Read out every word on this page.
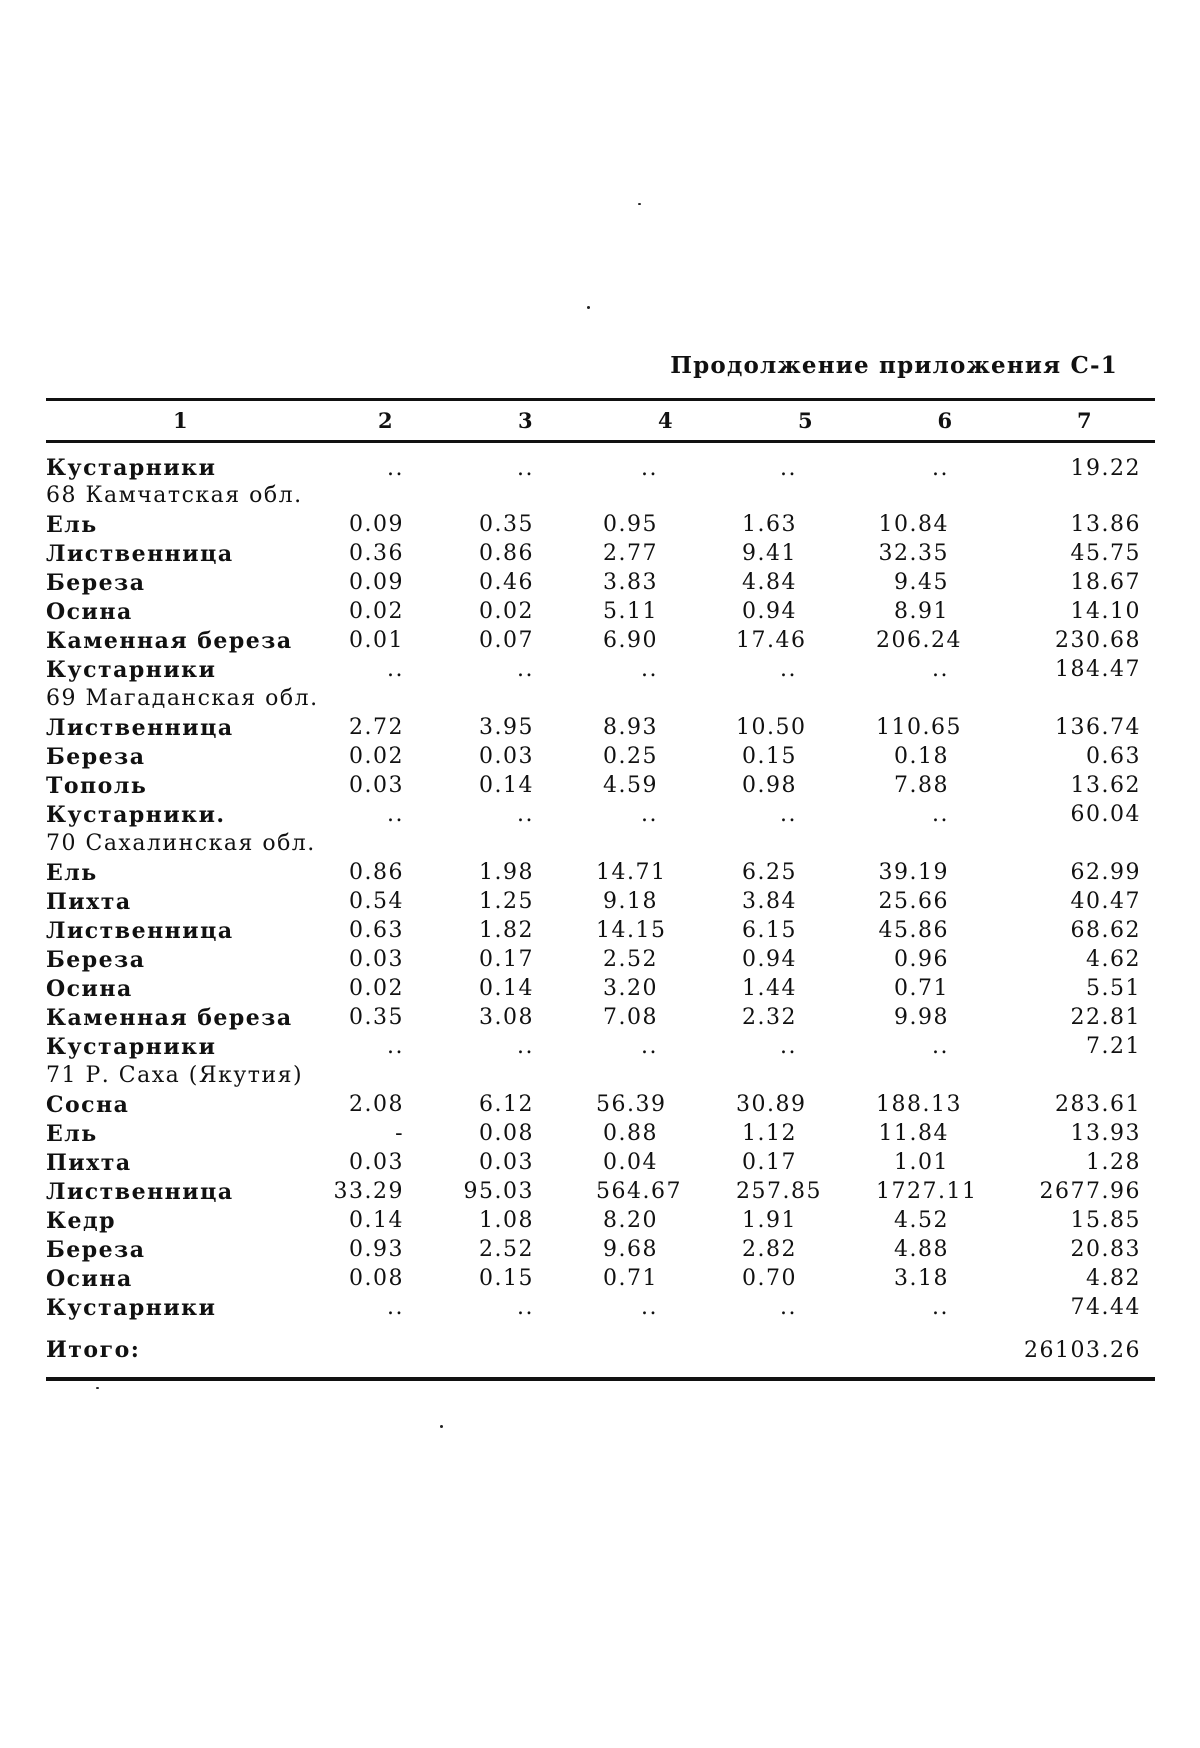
Продолжение приложения С-1
1	2	3	4	5	6	7
Кустарники	..	..	..	..	..	19.22
68 Камчатская обл.						
Ель	0.09	0.35	0.95	1.63	10.84	13.86
Лиственница	0.36	0.86	2.77	9.41	32.35	45.75
Береза	0.09	0.46	3.83	4.84	9.45	18.67
Осина	0.02	0.02	5.11	0.94	8.91	14.10
Каменная береза	0.01	0.07	6.90	17.46	206.24	230.68
Кустарники	..	..	..	..	..	184.47
69 Магаданская обл.						
Лиственница	2.72	3.95	8.93	10.50	110.65	136.74
Береза	0.02	0.03	0.25	0.15	0.18	0.63
Тополь	0.03	0.14	4.59	0.98	7.88	13.62
Кустарники.	..	..	..	..	..	60.04
70 Сахалинская обл.						
Ель	0.86	1.98	14.71	6.25	39.19	62.99
Пихта	0.54	1.25	9.18	3.84	25.66	40.47
Лиственница	0.63	1.82	14.15	6.15	45.86	68.62
Береза	0.03	0.17	2.52	0.94	0.96	4.62
Осина	0.02	0.14	3.20	1.44	0.71	5.51
Каменная береза	0.35	3.08	7.08	2.32	9.98	22.81
Кустарники	..	..	..	..	..	7.21
71 Р. Саха (Якутия)						
Сосна	2.08	6.12	56.39	30.89	188.13	283.61
Ель	-	0.08	0.88	1.12	11.84	13.93
Пихта	0.03	0.03	0.04	0.17	1.01	1.28
Лиственница	33.29	95.03	564.67	257.85	1727.11	2677.96
Кедр	0.14	1.08	8.20	1.91	4.52	15.85
Береза	0.93	2.52	9.68	2.82	4.88	20.83
Осина	0.08	0.15	0.71	0.70	3.18	4.82
Кустарники	..	..	..	..	..	74.44
Итого:						26103.26
